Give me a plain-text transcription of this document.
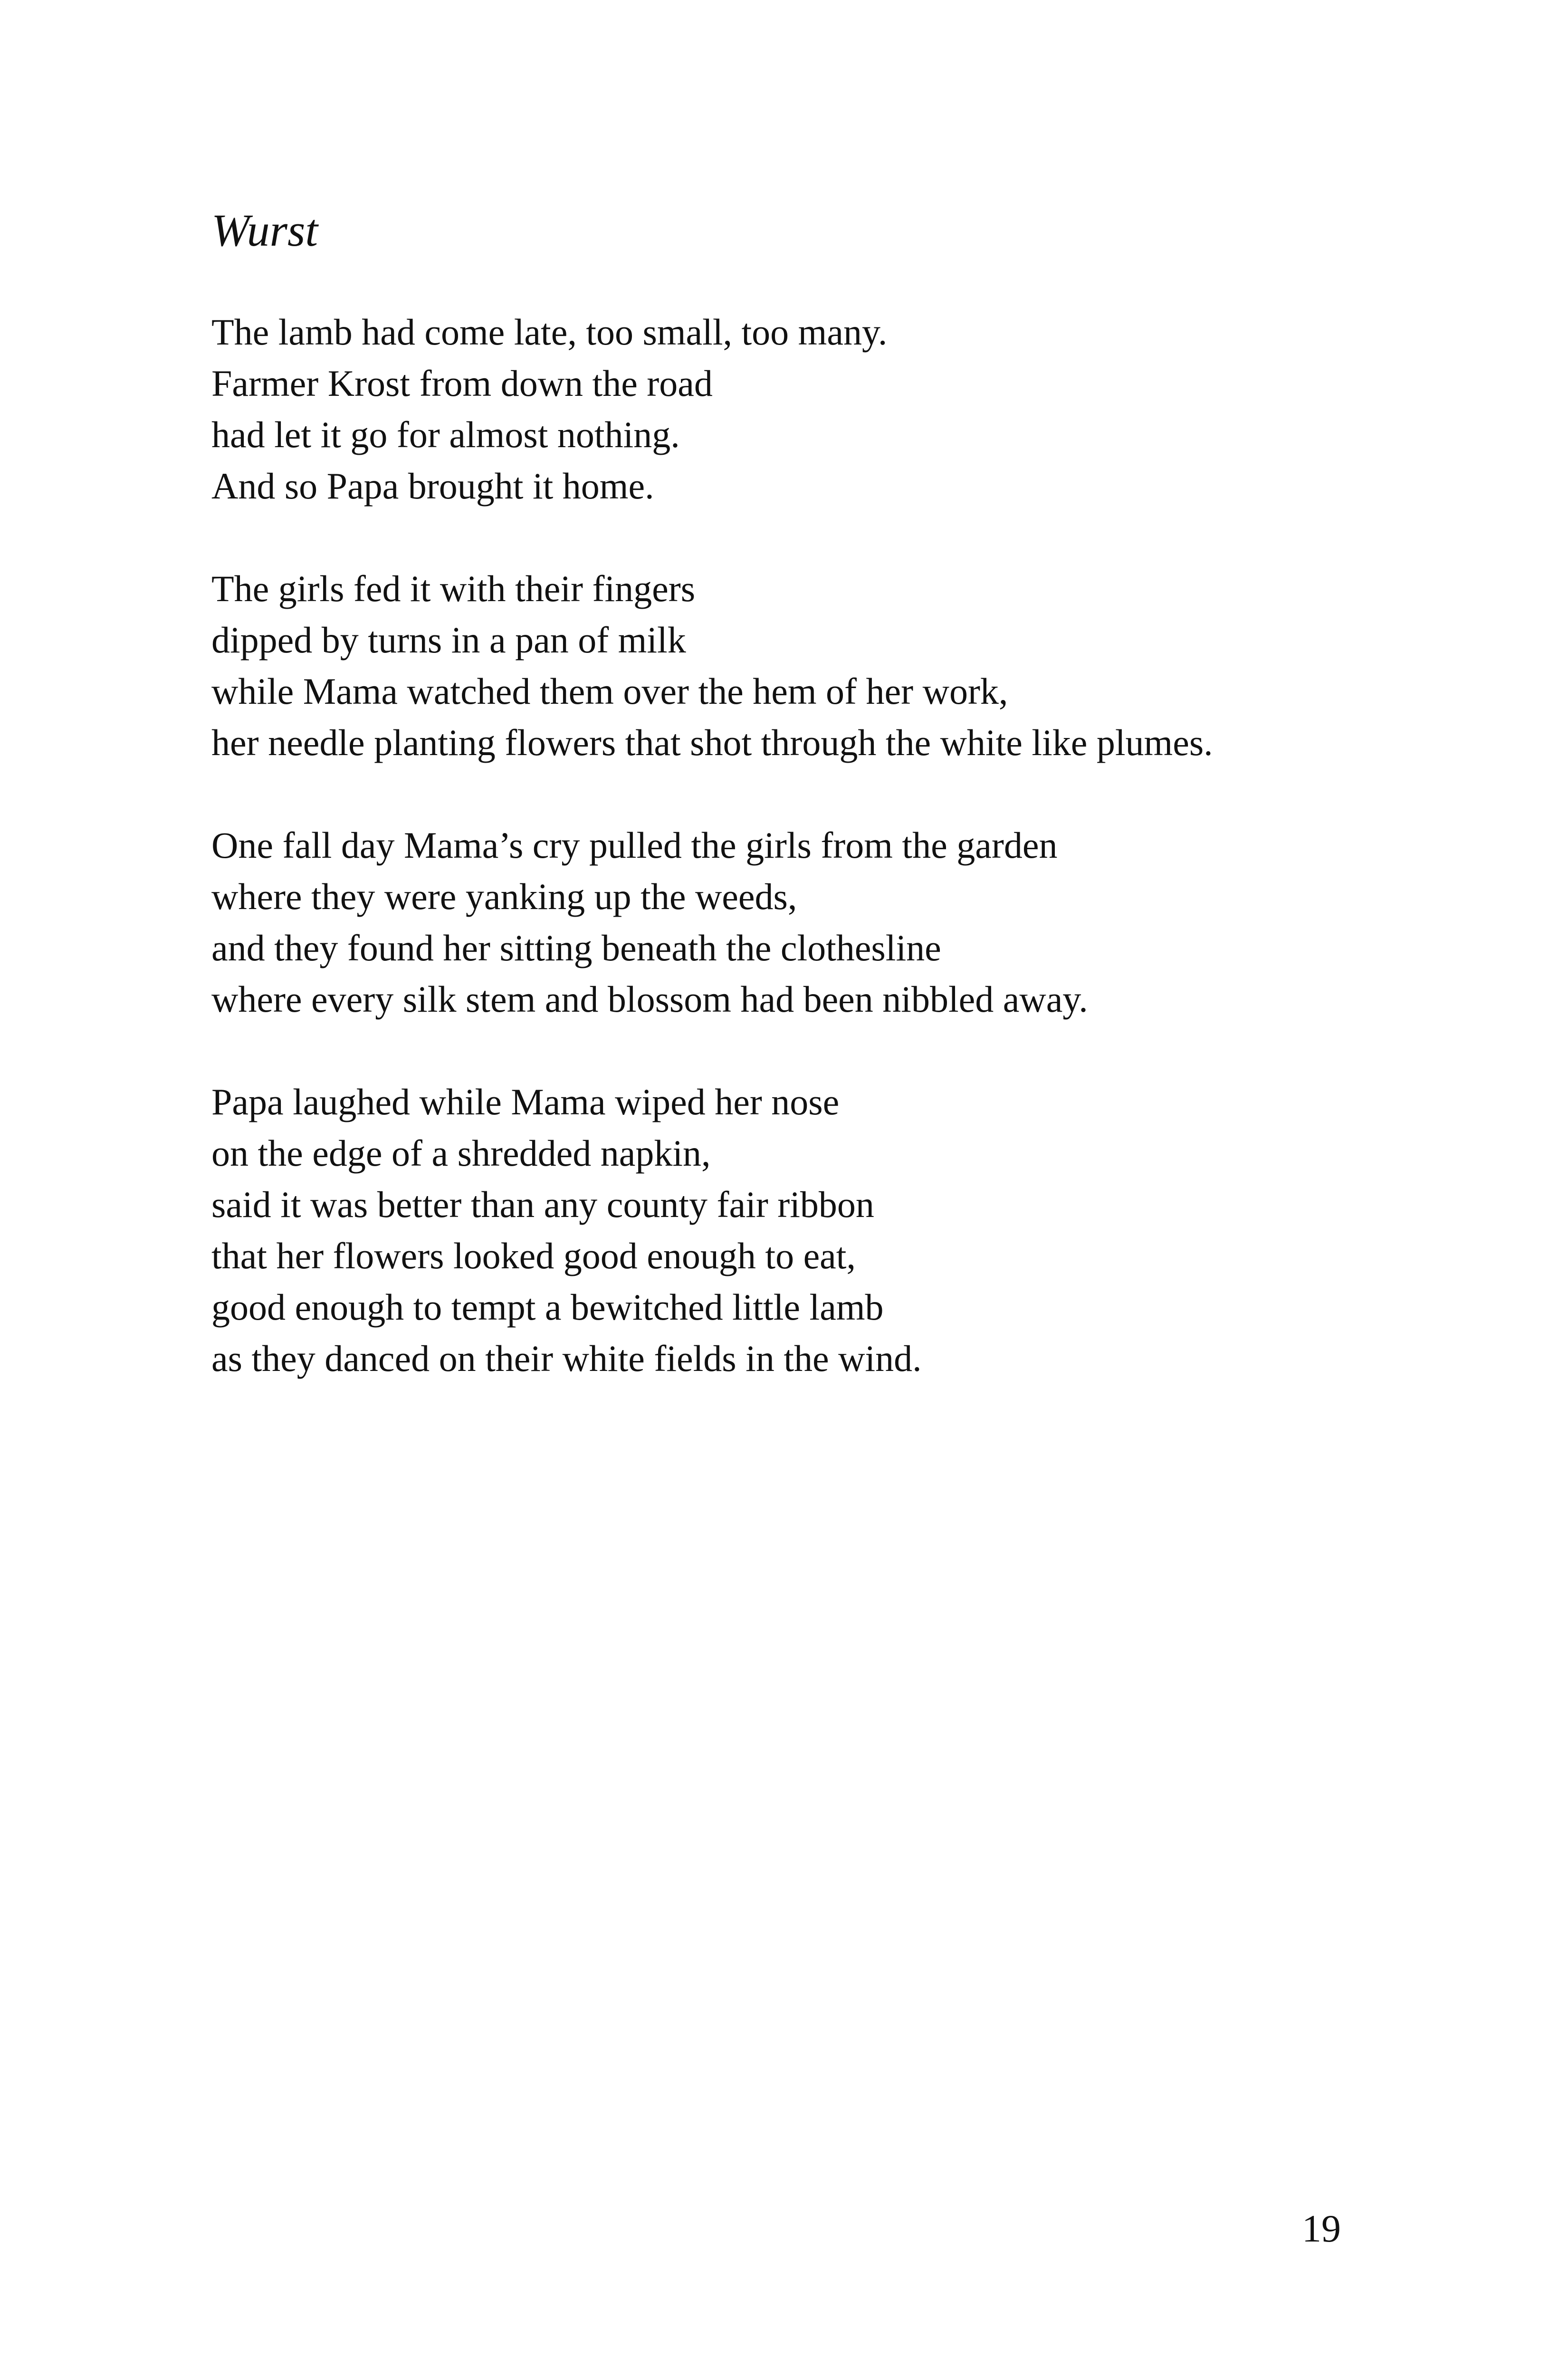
Wurst
The lamb had come late, too small, too many.
Farmer Krost from down the road
had let it go for almost nothing.
And so Papa brought it home.
The girls fed it with their fingers
dipped by turns in a pan of milk
while Mama watched them over the hem of her work,
her needle planting flowers that shot through the white like plumes.
One fall day Mama’s cry pulled the girls from the garden
where they were yanking up the weeds,
and they found her sitting beneath the clothesline
where every silk stem and blossom had been nibbled away.
Papa laughed while Mama wiped her nose
on the edge of a shredded napkin,
said it was better than any county fair ribbon
that her flowers looked good enough to eat,
good enough to tempt a bewitched little lamb
as they danced on their white fields in the wind.
19
